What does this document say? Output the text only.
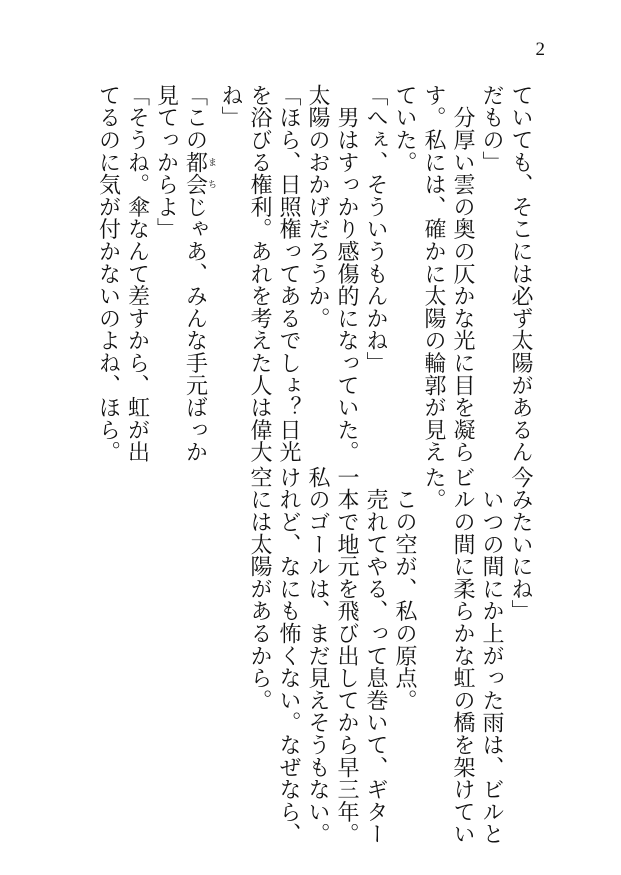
2
ていても、そこには必ず太陽があるん
だもの」
　分厚い雲の奥の仄かな光に目を凝ら
す。私には、確かに太陽の輪郭が見え
ていた。
「へぇ、そういうもんかね」
　男はすっかり感傷的になっていた。
太陽のおかげだろうか。
「ほら、日照権ってあるでしょ？日光
を浴びる権利。あれを考えた人は偉大
ね」
「この都会まちじゃあ、みんな手元ばっか
見てっからよ」
「そうね。傘なんて差すから、虹が出
てるのに気が付かないのよね、ほら。
今みたいにね」
　いつの間にか上がった雨は、ビルと
ビルの間に柔らかな虹の橋を架けてい
た。
　この空が、私の原点。
　売れてやる、って息巻いて、ギター
一本で地元を飛び出してから早三年。
私のゴールは、まだ見えそうもない。
けれど、なにも怖くない。なぜなら、
空には太陽があるから。
